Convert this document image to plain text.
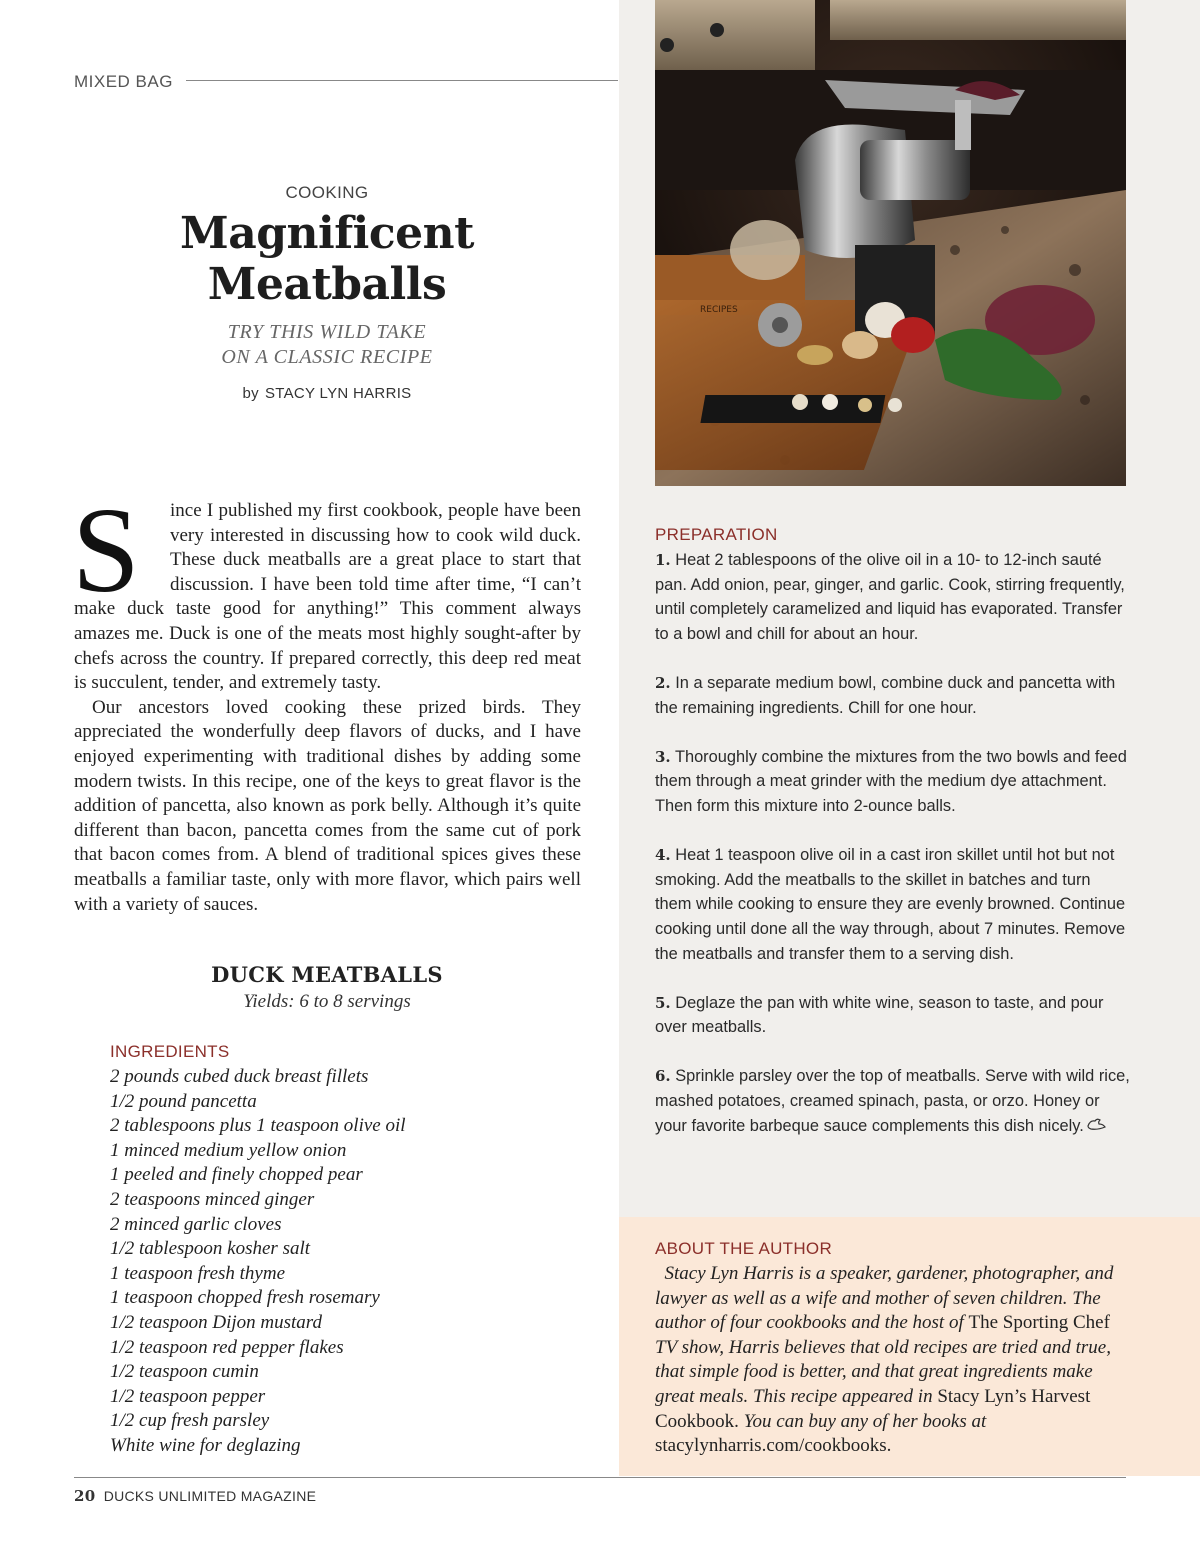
MIXED BAG
COOKING
Magnificent
Meatballs
TRY THIS WILD TAKE
ON A CLASSIC RECIPE
by STACY LYN HARRIS

S	ince I published my first cookbook, people have been very interested in discussing how to cook wild duck. These duck meatballs are a great place to start that discussion. I have been told time after time, “I can’t make duck taste good for anything!” This comment always amazes me. Duck is one of the meats most highly sought-after by chefs across the country. If prepared correctly, this deep red meat is succulent, tender, and extremely tasty.

Our ancestors loved cooking these prized birds. They appreciated the wonderfully deep flavors of ducks, and I have enjoyed experimenting with traditional dishes by adding some modern twists. In this recipe, one of the keys to great flavor is the addition of pancetta, also known as pork belly. Although it’s quite different than bacon, pancetta comes from the same cut of pork that bacon comes from. A blend of traditional spices gives these meatballs a familiar taste, only with more flavor, which pairs well with a variety of sauces.

DUCK MEATBALLS
Yields: 6 to 8 servings
INGREDIENTS
2 pounds cubed duck breast fillets
1/2 pound pancetta
2 tablespoons plus 1 teaspoon olive oil
1 minced medium yellow onion
1 peeled and finely chopped pear
2 teaspoons minced ginger
2 minced garlic cloves
1/2 tablespoon kosher salt
1 teaspoon fresh thyme
1 teaspoon chopped fresh rosemary
1/2 teaspoon Dijon mustard
1/2 teaspoon red pepper flakes
1/2 teaspoon cumin
1/2 teaspoon pepper
1/2 cup fresh parsley
White wine for deglazing
RECIPES
PREPARATION

1. Heat 2 tablespoons of the olive oil in a 10- to 12-inch sauté pan. Add onion, pear, ginger, and garlic. Cook, stirring frequently, until completely caramelized and liquid has evaporated. Transfer to a bowl and chill for about an hour.

2. In a separate medium bowl, combine duck and pancetta with the remaining ingredients. Chill for one hour.

3. Thoroughly combine the mixtures from the two bowls and feed them through a meat grinder with the medium dye attachment. Then form this mixture into 2-ounce balls.

4. Heat 1 teaspoon olive oil in a cast iron skillet until hot but not smoking. Add the meatballs to the skillet in batches and turn them while cooking to ensure they are evenly browned. Continue cooking until done all the way through, about 7 minutes. Remove the meatballs and transfer them to a serving dish.

5. Deglaze the pan with white wine, season to taste, and pour over meatballs.

6. Sprinkle parsley over the top of meatballs. Serve with wild rice, mashed potatoes, creamed spinach, pasta, or orzo. Honey or your favorite barbeque sauce complements this dish nicely.

ABOUT THE AUTHOR
Stacy Lyn Harris is a speaker, gardener, photographer, and lawyer as well as a wife and mother of seven children. The author of four cookbooks and the host of The Sporting Chef TV show, Harris believes that old recipes are tried and true, that simple food is better, and that great ingredients make great meals. This recipe appeared in Stacy Lyn’s Harvest Cookbook. You can buy any of her books at stacylynharris.com/cookbooks.
20 DUCKS UNLIMITED MAGAZINE
